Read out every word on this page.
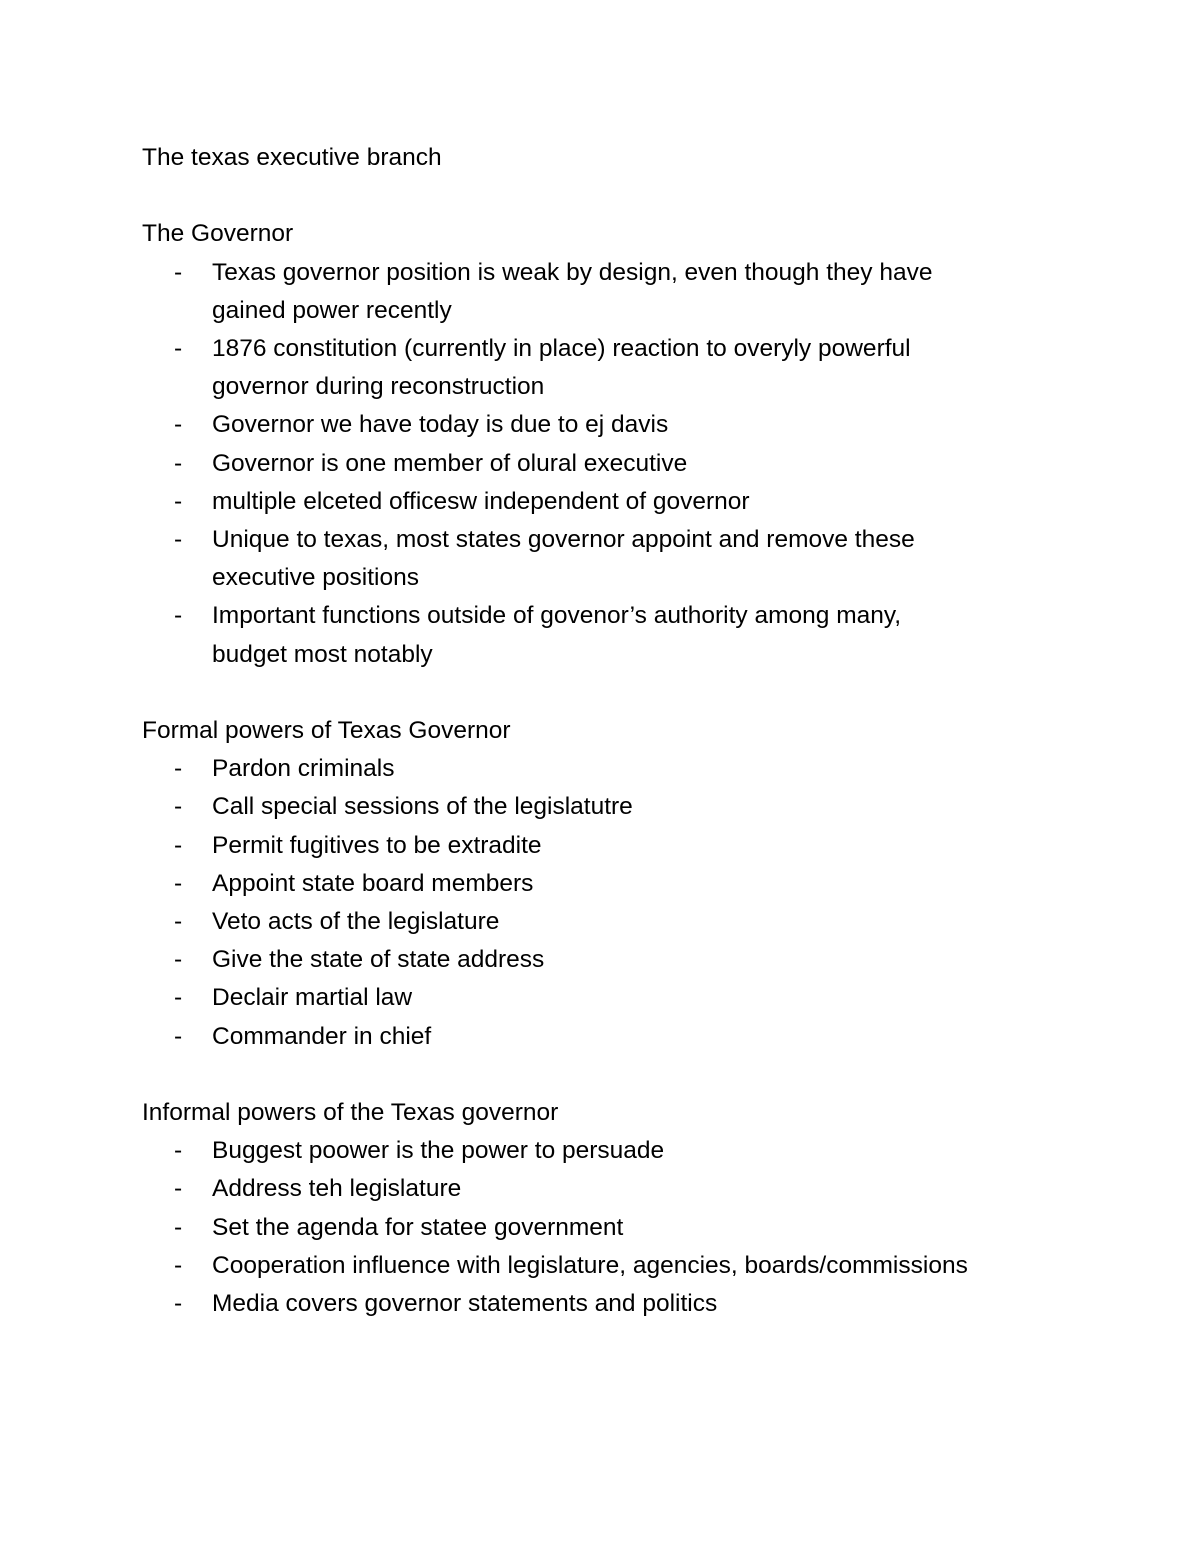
The texas executive branch

The Governor

- Texas governor position is weak by design, even though they have
gained power recently
- 1876 constitution (currently in place) reaction to overyly powerful
governor during reconstruction
- Governor we have today is due to ej davis
- Governor is one member of olural executive
- multiple elceted officesw independent of governor
- Unique to texas, most states governor appoint and remove these
executive positions
- Important functions outside of govenor’s authority among many,
budget most notably

Formal powers of Texas Governor

- Pardon criminals
- Call special sessions of the legislatutre
- Permit fugitives to be extradite
- Appoint state board members
- Veto acts of the legislature
- Give the state of state address
- Declair martial law
- Commander in chief

Informal powers of the Texas governor

- Buggest poower is the power to persuade
- Address teh legislature
- Set the agenda for statee government
- Cooperation influence with legislature, agencies, boards/commissions
- Media covers governor statements and politics
